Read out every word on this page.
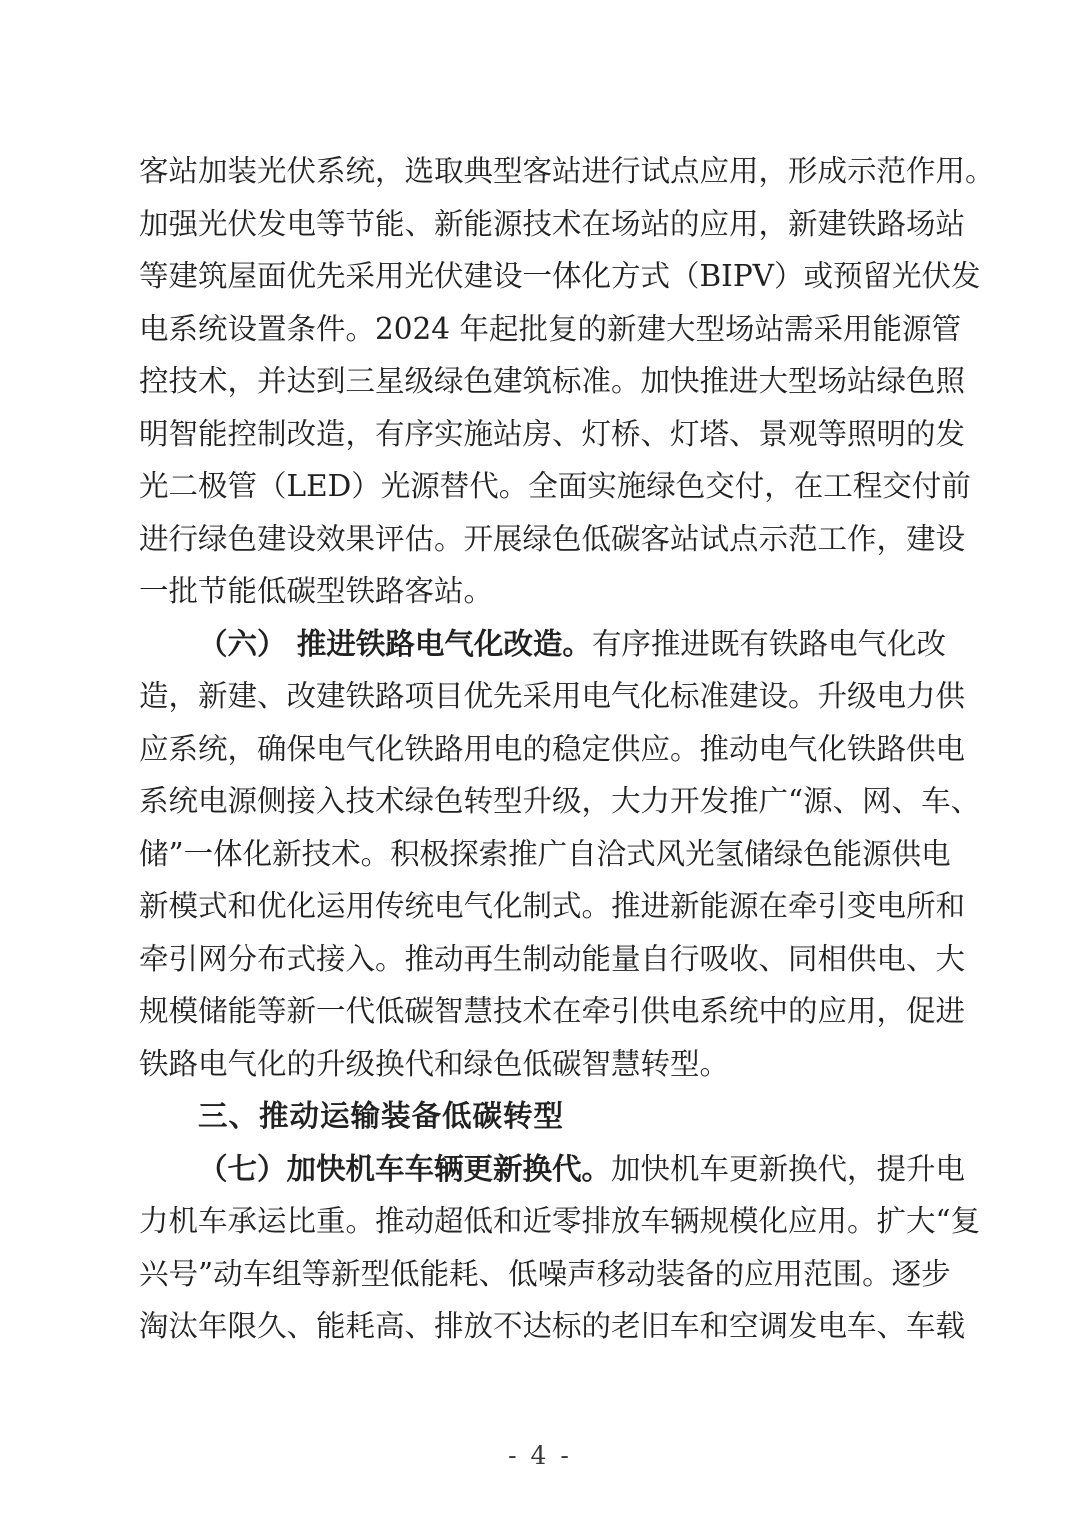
客站加装光伏系统，选取典型客站进行试点应用，形成示范作用。
加强光伏发电等节能、新能源技术在场站的应用，新建铁路场站
等建筑屋面优先采用光伏建设一体化方式（BIPV）或预留光伏发
电系统设置条件。2024 年起批复的新建大型场站需采用能源管
控技术，并达到三星级绿色建筑标准。加快推进大型场站绿色照
明智能控制改造，有序实施站房、灯桥、灯塔、景观等照明的发
光二极管（LED）光源替代。全面实施绿色交付，在工程交付前
进行绿色建设效果评估。开展绿色低碳客站试点示范工作，建设
一批节能低碳型铁路客站。
（六） 推进铁路电气化改造。有序推进既有铁路电气化改
造，新建、改建铁路项目优先采用电气化标准建设。升级电力供
应系统，确保电气化铁路用电的稳定供应。推动电气化铁路供电
系统电源侧接入技术绿色转型升级，大力开发推广“源、网、车、
储”一体化新技术。积极探索推广自洽式风光氢储绿色能源供电
新模式和优化运用传统电气化制式。推进新能源在牵引变电所和
牵引网分布式接入。推动再生制动能量自行吸收、同相供电、大
规模储能等新一代低碳智慧技术在牵引供电系统中的应用，促进
铁路电气化的升级换代和绿色低碳智慧转型。
三、推动运输装备低碳转型
（七）加快机车车辆更新换代。加快机车更新换代，提升电
力机车承运比重。推动超低和近零排放车辆规模化应用。扩大“复
兴号”动车组等新型低能耗、低噪声移动装备的应用范围。逐步
淘汰年限久、能耗高、排放不达标的老旧车和空调发电车、车载
- 4 -
